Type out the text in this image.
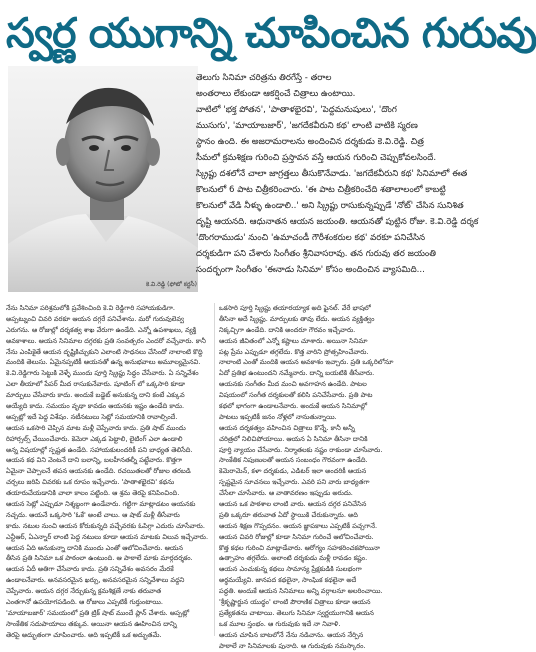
స్వర్ణ యుగాన్ని చూపించిన గురువు
కె.వి.రెడ్డి (ఫోటో కర్టసీ)
తెలుగు సినిమా చరిత్రను తిరగేస్తే - తరాల
అంతరాలు లేకుండా ఆకర్షించే చిత్రాలు ఉంటాయి.
వాటిలో 'భక్త పోతన', 'పాతాళభైరవి', 'పెద్దమనుషులు', 'దొంగ
ముసుగు', 'మాయాబజార్', 'జగదేకవీరుని కథ' లాంటి వాటికి స్మరణ
స్థానం ఉంది. ఈ అజరామరాలను అందించిన దర్శకుడు కె.వి.రెడ్డి. చిత్ర
సీమలో క్రమశిక్షణ గురించి ప్రస్తావన వస్తే ఆయన గురించి చెప్పుకోవలసిందే.
స్క్రిప్టు దశలోనే చాలా జాగ్రత్తలు తీసుకొనేవాడు. 'జగదేకవీరుని కథ' సినిమాలో ఈత
కొలనులో 6 పాట చిత్రీకరించారు. 'ఈ పాట చిత్రీకరించేది శతాలాలంలో కాబట్టి
కొలనులో వేడి నీళ్ళు ఉండాలి..' అని స్క్రిప్టు రాసుకున్నప్పుడే 'నోట్' చేసిన సునిశిత
దృష్టి ఆయనది. ఆధునాతన ఆయన జయంతి. ఆయనతో పుట్టిన రోజు. కె.వి.రెడ్డి దర్శక
'దొంగరాముడు' నుంచి 'ఉమాచండీ గౌరీశంకరుల కథ' వరకూ పనిచేసిన
దర్శకుడిగా పని చేశారు సింగీతం శ్రీనివాసరావు. తన గురువు తర జయంతి
సందర్భంగా సింగీతం 'ఈనాడు సినిమా' కోసం అందించిన వ్యాసమిది...
నేను సినిమా పరిశ్రమలోకి ప్రవేశించింది కె.వి రెడ్డిగారి సహాయకుడిగా.
అప్పట్నుంచి చివరి వరకూ ఆయన దగ్గరే పనిచేశాను. మరో గురువులెవ్వ
ఎరుగను. ఆ రోజుల్లో దర్శకత్వ శాఖ వేరుగా ఉండేది. ఎన్నో ఉపశాఖలు, వ్యక్తి
అవకాశాలు. ఆయన సినిమాల దగ్గరకు ప్రతి సంవత్సరం ఎందరో వచ్చేవారు. కానీ
నేను ఎంపికైతే ఆయన దృష్టికిచ్చుకుని ఎలాంటి సాధనలు చేసిందో నాలాంటి కొద్ది
మందికి తెలుసు. ఏమైనప్పటికీ ఆయనతో ఉన్న అనుభవాలు అమూల్యమైనవి.
కె.వి.రెడ్డిగారు సెట్టుకి వెళ్ళే ముందు పూర్తి స్క్రిప్టు సిద్ధం చేసేవారు. ఏ సన్నివేశం
ఎలా తీయాలో పేపర్ మీద రాసుకునేవారు. షూటింగ్ లో ఒక్కసారి కూడా
మార్పులు చేసేవారు కాదు. అందుకే బడ్జెట్ అనుకున్న దాని కంటే ఎక్కువ
అయ్యేది కాదు. సమయం వృథా కావడం ఆయనకు ఇష్టం ఉండేది కాదు.
అప్పట్లో ఇదే పెద్ద విశేషం. నటీనటులు సెట్లో సమయానికి రావాల్సిందే.
ఆయన ఒకసారి చెప్పిన మాట మళ్లీ చెప్పేవారు కాదు. ప్రతి షాట్ ముందు
రిహార్సల్స్ చేయించేవారు. కెమెరా ఎక్కడ పెట్టాలి, లైటింగ్ ఎలా ఉండాలి
అన్న విషయాల్లో స్పష్టత ఉండేది. సహాయకులందరికీ పని బాధ్యత తెలిసేది.
ఆయన కథ విని వెంటనే దాని బలాన్ని, బలహీనతల్నీ పట్టేవారు. కొత్తగా
ఏమైనా చెప్పాలనే తపన ఆయనకు ఉండేది. రచయితలతో రోజుల తరబడి
చర్చలు జరిపి చివరకు ఒక రూపం ఇచ్చేవారు. 'పాతాళభైరవి' కథను
తయారుచేయడానికి చాలా కాలం పట్టింది. ఆ శ్రమ తెరపై కనిపించింది.
ఆయన సెట్లో ఎప్పుడూ నిశ్శబ్దంగా ఉండేవారు. గట్టిగా మాట్లాడటం ఆయనకు
నచ్చదు. ఆయనే ఒక్కసారి 'ఓకే' అంటే చాలు. ఆ షాట్ మళ్లీ తీసేవారు
కాదు. నటుల నుంచి ఆయన కోరుకున్నది వచ్చేవరకు ఓపిగ్గా ఎదురు చూసేవారు.
ఎన్టీఆర్, ఏఎన్నార్ లాంటి పెద్ద నటులు కూడా ఆయన మాటకు విలువ ఇచ్చేవారు.
ఆయన ఏది అనుకున్నా దానికి ముందు ఎంతో ఆలోచించేవారు. ఆయన
తీసిన ప్రతి సినిమా ఒక పాఠంలా ఉంటుంది. ఆ పాఠాలే మాకు మార్గదర్శకం.
ఆయన ఏదీ అతిగా చేసేవారు కాదు. ప్రతి సన్నివేశం అవసరం మేరకే
ఉండాలనేవారు. అనవసరమైన ఖర్చు, అనవసరమైన సన్నివేశాలు వద్దని
చెప్పేవారు. ఆయన దగ్గర నేర్చుకున్న క్రమశిక్షణే నాకు తరువాత
ఎంతగానో ఉపయోగపడింది. ఆ రోజులు ఎప్పటికీ గుర్తుంటాయి.
'మాయాబజార్' సమయంలో ప్రతి ట్రిక్ షాట్ ముందే ప్లాన్ చేశారు. అప్పట్లో
సాంకేతిక సదుపాయాలు తక్కువ. అయినా ఆయన ఊహించిన దాన్ని
తెరపై అద్భుతంగా చూపించారు. అది ఇప్పటికీ ఒక అద్భుతమే.
ఒకసారి పూర్తి స్క్రిప్టు తయారయ్యాక అది ఫైనల్. వేరే భాషలో
తీసినా అదే స్క్రిప్టు. మార్పులకు తావు లేదు. ఆయన వ్యక్తిత్వం
నిక్కచ్చిగా ఉండేది. దానికి అందరూ గౌరవం ఇచ్చేవారు.
ఆయన జీవితంలో ఎన్నో కష్టాలు చూశారు. అయినా సినిమా
పట్ల ప్రేమ ఎప్పుడూ తగ్గలేదు. కొత్త వారిని ప్రోత్సహించేవారు.
నాలాంటి ఎంతో మందికి ఆయన అవకాశం ఇచ్చారు. ప్రతి ఒక్కరిలోనూ
ఏదో ప్రతిభ ఉంటుందని నమ్మేవారు. దాన్ని బయటికి తీసేవారు.
ఆయనకు సంగీతం మీద మంచి అవగాహన ఉండేది. పాటల
విషయంలో సంగీత దర్శకులతో కలిసి పనిచేసేవారు. ప్రతి పాట
కథలో భాగంగా ఉండాలనేవారు. అందుకే ఆయన సినిమాల్లో
పాటలు ఇప్పటికీ జనం నోళ్లలో నానుతున్నాయి.
ఆయన దర్శకత్వం వహించిన చిత్రాలు కొన్నే. కానీ అన్నీ
చరిత్రలో నిలిచిపోయాయి. ఆయన ఏ సినిమా తీసినా దానికి
పూర్తి న్యాయం చేసేవారు. నిర్మాతలకు నష్టం రాకుండా చూసేవారు.
సాంకేతిక నిపుణులతో ఆయన సంబంధం గౌరవంగా ఉండేది.
కెమెరామెన్, కళా దర్శకుడు, ఎడిటర్ ఇలా అందరికీ ఆయన
స్పష్టమైన సూచనలు ఇచ్చేవారు. ఎవరి పని వారు బాధ్యతగా
చేసేలా చూసేవారు. ఆ వాతావరణం ఇప్పుడు అరుదు.
ఆయన ఒక పాఠశాల లాంటి వారు. ఆయన దగ్గర పనిచేసిన
ప్రతి ఒక్కరూ తరువాత ఏదో స్థాయికి చేరుకున్నారు. అది
ఆయన శిక్షణ గొప్పదనం. ఆయన జ్ఞాపకాలు ఎప్పటికీ పచ్చగానే.
ఆయన చివరి రోజుల్లో కూడా సినిమా గురించే ఆలోచించేవారు.
కొత్త కథల గురించి మాట్లాడేవారు. ఆరోగ్యం సహకరించకపోయినా
ఉత్సాహం తగ్గలేదు. అలాంటి దర్శకుడు మళ్లీ రావడం కష్టం.
ఆయన ఎంచుకున్న కథలు సామాన్య ప్రేక్షకుడికి సులభంగా
అర్థమయ్యేవి. జానపద కథలైనా, సాంఘిక కథలైనా అదే
పద్ధతి. అందుకే ఆయన సినిమాలు అన్ని వర్గాలనూ అలరించాయి.
'శ్రీకృష్ణార్జున యుద్ధం' లాంటి పౌరాణిక చిత్రాలు కూడా ఆయన
ప్రత్యేకతను చాటాయి. తెలుగు సినిమా స్వర్ణయుగానికి ఆయన
ఒక మూల స్తంభం. ఆ గురువుకు ఇదే నా నివాళి.
ఆయన చూపిన బాటలోనే నేను నడిచాను. ఆయన నేర్పిన
పాఠాలే నా సినిమాలకు పునాది. ఆ గురువుకు నమస్కారం.
